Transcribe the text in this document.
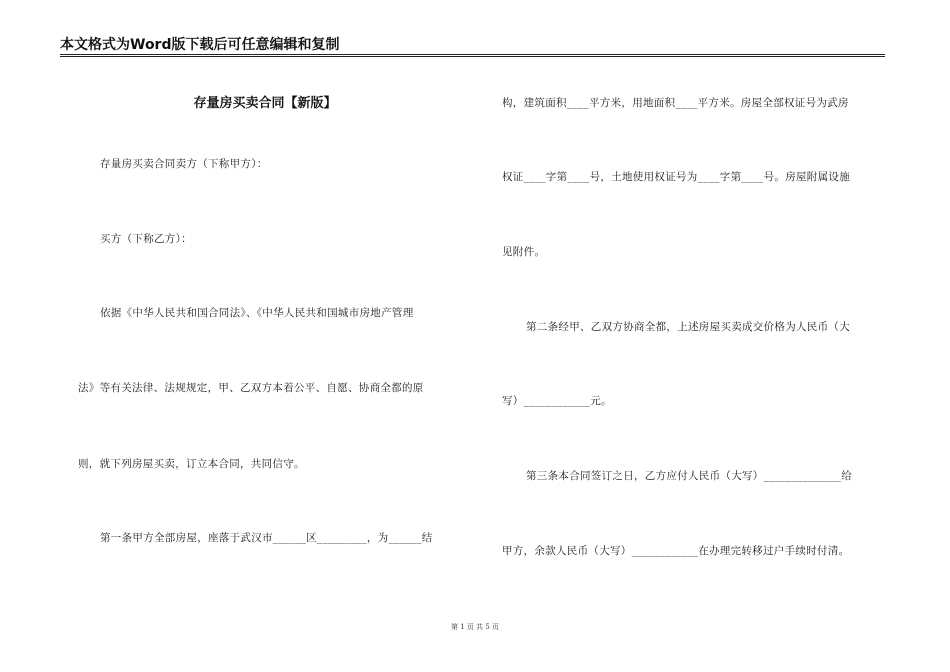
本文格式为Word版下载后可任意编辑和复制
存量房买卖合同【新版】
存量房买卖合同卖方（下称甲方）：
买方（下称乙方）：
依据《中华人民共和国合同法》、《中华人民共和国城市房地产管理
法》等有关法律、法规规定，甲、乙双方本着公平、自愿、协商全都的原
则，就下列房屋买卖，订立本合同，共同信守。
第一条甲方全部房屋，座落于武汉市______区_________，为______结
构，建筑面积____平方米，用地面积____平方米。房屋全部权证号为武房
权证____字第____号，土地使用权证号为____字第____号。房屋附属设施
见附件。
第二条经甲、乙双方协商全都，上述房屋买卖成交价格为人民币（大
写）____________元。
第三条本合同签订之日，乙方应付人民币（大写）______________给
甲方，余款人民币（大写）____________在办理完转移过户手续时付清。
第 1 页 共 5 页
